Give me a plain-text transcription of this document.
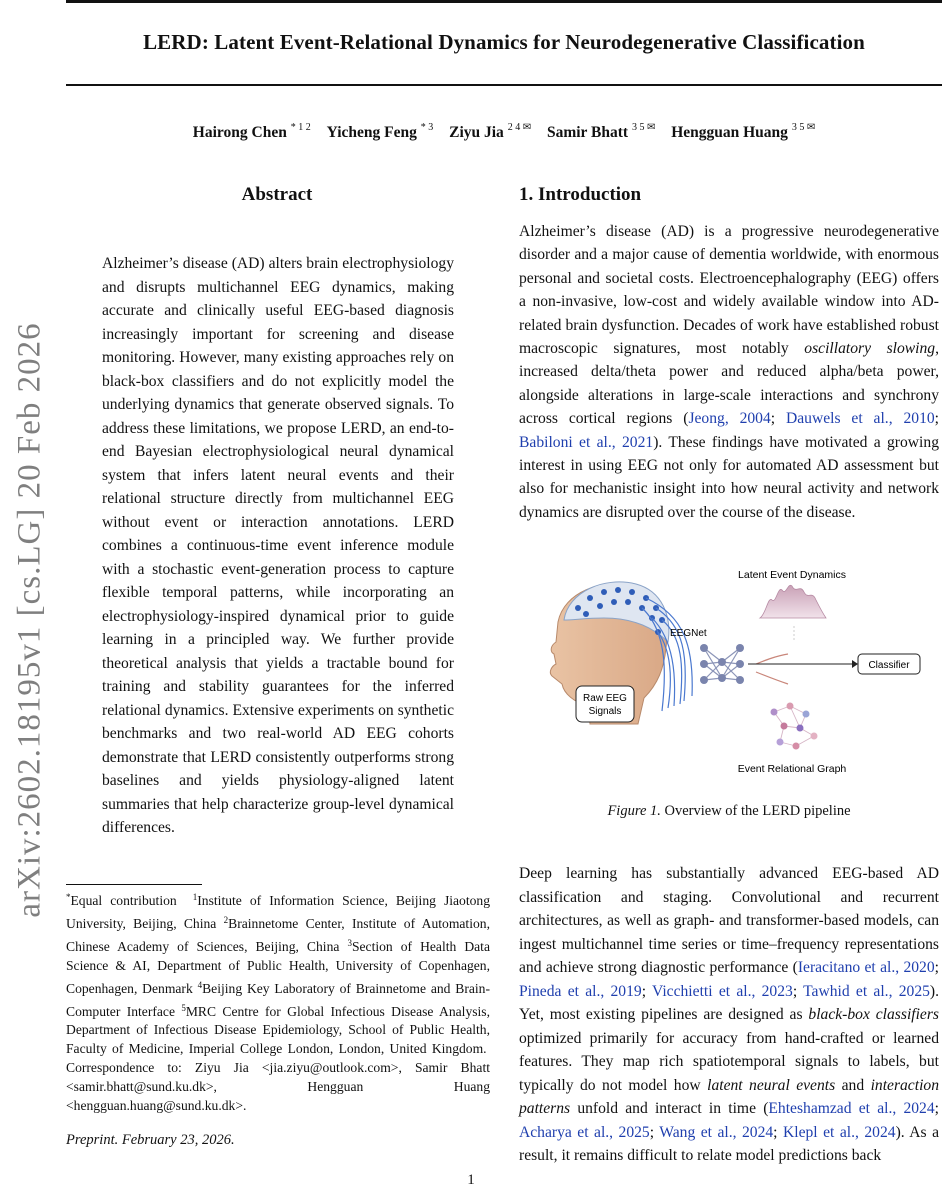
arXiv:2602.18195v1 [cs.LG] 20 Feb 2026
LERD: Latent Event-Relational Dynamics for Neurodegenerative Classification
Hairong Chen $^{* 1 2}$ Yicheng Feng $^{* 3}$ Ziyu Jia $^{2 4 ✉}$ Samir Bhatt $^{3 5 ✉}$ Hengguan Huang $^{3 5 ✉}$
Abstract
Alzheimer’s disease (AD) alters brain electrophysiology and disrupts multichannel EEG dynamics, making accurate and clinically useful EEG-based diagnosis increasingly important for screening and disease monitoring. However, many existing approaches rely on black-box classifiers and do not explicitly model the underlying dynamics that generate observed signals. To address these limitations, we propose LERD, an end-to-end Bayesian electrophysiological neural dynamical system that infers latent neural events and their relational structure directly from multichannel EEG without event or interaction annotations. LERD combines a continuous-time event inference module with a stochastic event-generation process to capture flexible temporal patterns, while incorporating an electrophysiology-inspired dynamical prior to guide learning in a principled way. We further provide theoretical analysis that yields a tractable bound for training and stability guarantees for the inferred relational dynamics. Extensive experiments on synthetic benchmarks and two real-world AD EEG cohorts demonstrate that LERD consistently outperforms strong baselines and yields physiology-aligned latent summaries that help characterize group-level dynamical differences.
1. Introduction
Alzheimer’s disease (AD) is a progressive neurodegenerative disorder and a major cause of dementia worldwide, with enormous personal and societal costs. Electroencephalography (EEG) offers a non-invasive, low-cost and widely available window into AD-related brain dysfunction. Decades of work have established robust macroscopic signatures, most notably oscillatory slowing, increased delta/theta power and reduced alpha/beta power, alongside alterations in large-scale interactions and synchrony across cortical regions (Jeong, 2004; Dauwels et al., 2010; Babiloni et al., 2021). These findings have motivated a growing interest in using EEG not only for automated AD assessment but also for mechanistic insight into how neural activity and network dynamics are disrupted over the course of the disease.
Raw EEG
Signals
EEGNet
Latent Event Dynamics
Classifier
Event Relational Graph
Figure 1. Overview of the LERD pipeline
Deep learning has substantially advanced EEG-based AD classification and staging. Convolutional and recurrent architectures, as well as graph- and transformer-based models, can ingest multichannel time series or time–frequency representations and achieve strong diagnostic performance (Ieracitano et al., 2020; Pineda et al., 2019; Vicchietti et al., 2023; Tawhid et al., 2025). Yet, most existing pipelines are designed as black-box classifiers optimized primarily for accuracy from hand-crafted or learned features. They map rich spatiotemporal signals to labels, but typically do not model how latent neural events and interaction patterns unfold and interact in time (Ehteshamzad et al., 2024; Acharya et al., 2025; Wang et al., 2024; Klepl et al., 2024). As a result, it remains difficult to relate model predictions back
*Equal contribution $^1$Institute of Information Science, Beijing Jiaotong University, Beijing, China $^2$Brainnetome Center, Institute of Automation, Chinese Academy of Sciences, Beijing, China $^3$Section of Health Data Science & AI, Department of Public Health, University of Copenhagen, Copenhagen, Denmark $^4$Beijing Key Laboratory of Brainnetome and Brain-Computer Interface $^5$MRC Centre for Global Infectious Disease Analysis, Department of Infectious Disease Epidemiology, School of Public Health, Faculty of Medicine, Imperial College London, London, United Kingdom.  Correspondence to: Ziyu Jia <jia.ziyu@outlook.com>, Samir Bhatt <samir.bhatt@sund.ku.dk>, Hengguan Huang <hengguan.huang@sund.ku.dk>.
Preprint. February 23, 2026.
1
